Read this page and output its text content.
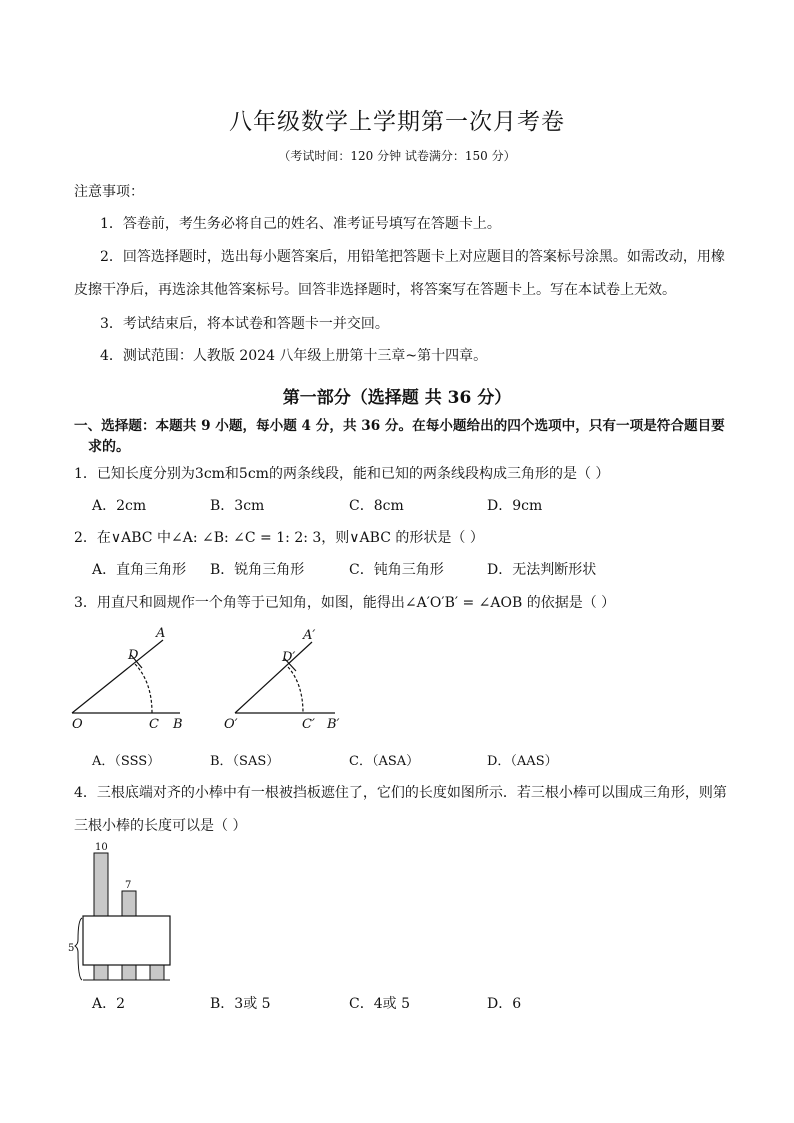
八年级数学上学期第一次月考卷
（考试时间：120 分钟 试卷满分：150 分）
注意事项：
1．答卷前，考生务必将自己的姓名、准考证号填写在答题卡上。
2．回答选择题时，选出每小题答案后，用铅笔把答题卡上对应题目的答案标号涂黑。如需改动，用橡
皮擦干净后，再选涂其他答案标号。回答非选择题时，将答案写在答题卡上。写在本试卷上无效。
3．考试结束后，将本试卷和答题卡一并交回。
4．测试范围：人教版 2024 八年级上册第十三章~第十四章。
第一部分（选择题 共 36 分）
一、选择题：本题共 9 小题，每小题 4 分，共 36 分。在每小题给出的四个选项中，只有一项是符合题目要
求的。
1．已知长度分别为3cm和5cm的两条线段，能和已知的两条线段构成三角形的是（ ）
A．2cm	B．3cm	C．8cm	D．9cm
2．在∨ABC 中∠A: ∠B: ∠C = 1: 2: 3，则∨ABC 的形状是（ ）
A．直角三角形 B．锐角三角形	C．钝角三角形	D．无法判断形状
3．用直尺和圆规作一个角等于已知角，如图，能得出∠A′O′B′ = ∠AOB 的依据是（ ）
A
D
O	C B
A′
D′
O′	C′ B′
A．（SSS）	B．（SAS）	C．（ASA）	D．（AAS）
4．三根底端对齐的小棒中有一根被挡板遮住了，它们的长度如图所示．若三根小棒可以围成三角形，则第
三根小棒的长度可以是（ ）
10
7
5
A．2	B．3或 5	C．4或 5	D．6
